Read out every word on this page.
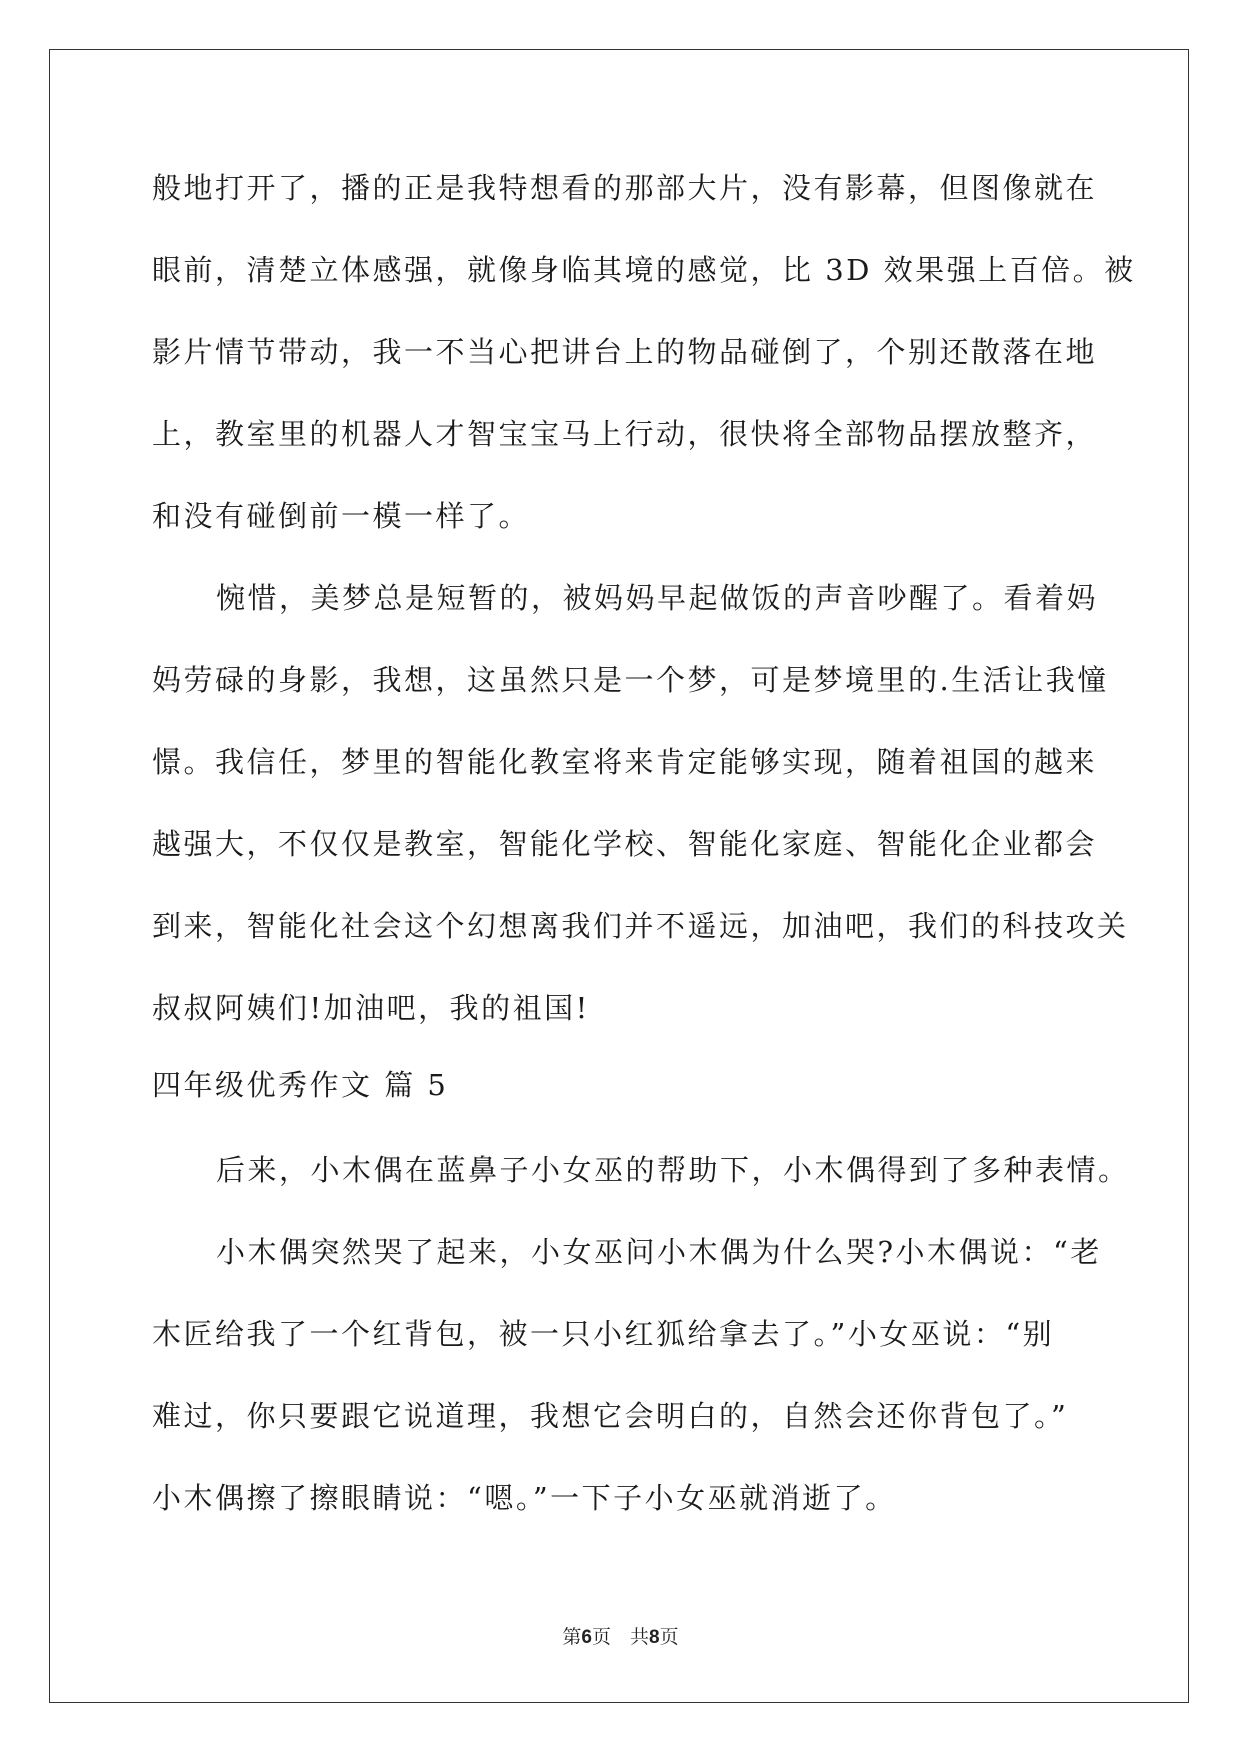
般地打开了，播的正是我特想看的那部大片，没有影幕，但图像就在
眼前，清楚立体感强，就像身临其境的感觉，比 3D 效果强上百倍。被
影片情节带动，我一不当心把讲台上的物品碰倒了，个别还散落在地
上，教室里的机器人才智宝宝马上行动，很快将全部物品摆放整齐，
和没有碰倒前一模一样了。
惋惜，美梦总是短暂的，被妈妈早起做饭的声音吵醒了。看着妈
妈劳碌的身影，我想，这虽然只是一个梦，可是梦境里的.生活让我憧
憬。我信任，梦里的智能化教室将来肯定能够实现，随着祖国的越来
越强大，不仅仅是教室，智能化学校、智能化家庭、智能化企业都会
到来，智能化社会这个幻想离我们并不遥远，加油吧，我们的科技攻关
叔叔阿姨们!加油吧，我的祖国!
四年级优秀作文 篇 5
后来，小木偶在蓝鼻子小女巫的帮助下，小木偶得到了多种表情。
小木偶突然哭了起来，小女巫问小木偶为什么哭?小木偶说：“老
木匠给我了一个红背包，被一只小红狐给拿去了。”小女巫说：“别
难过，你只要跟它说道理，我想它会明白的，自然会还你背包了。”
小木偶擦了擦眼睛说：“嗯。”一下子小女巫就消逝了。
第6页　共8页
